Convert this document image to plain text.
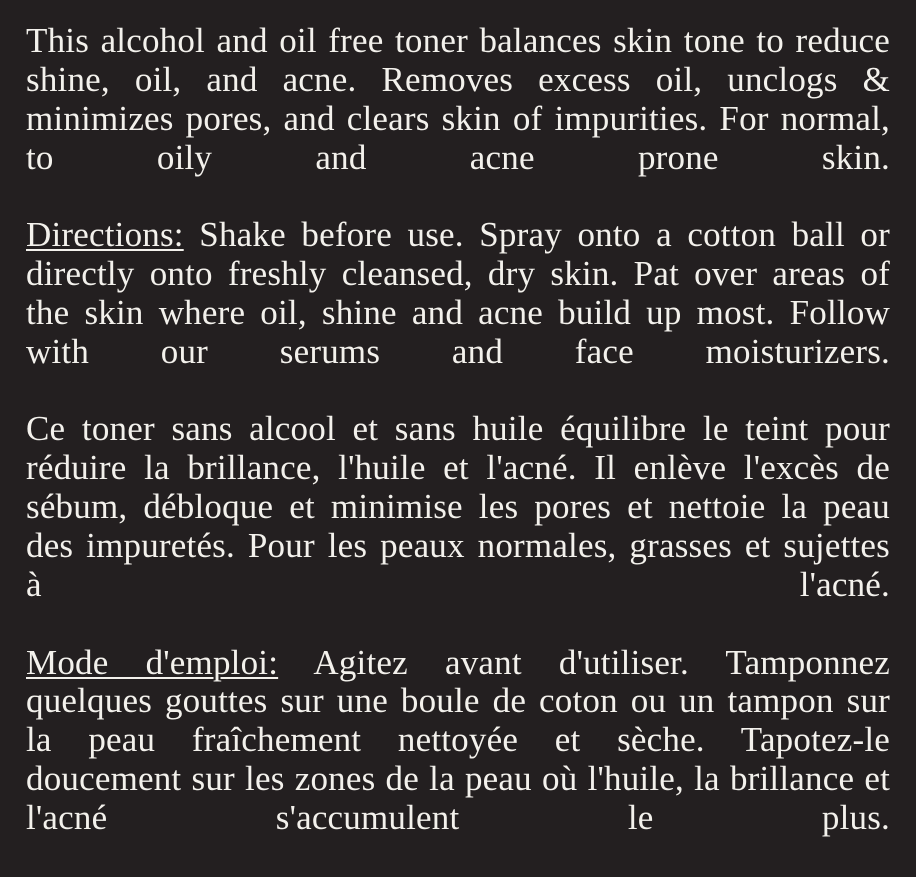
This alcohol and oil free toner balances skin tone to reduce shine, oil, and acne. Removes excess oil, unclogs & minimizes pores, and clears skin of impurities. For normal, to oily and acne prone skin.

Directions: Shake before use. Spray onto a cotton ball or directly onto freshly cleansed, dry skin. Pat over areas of the skin where oil, shine and acne build up most. Follow with our serums and face moisturizers.

Ce toner sans alcool et sans huile équilibre le teint pour réduire la brillance, l'huile et l'acné. Il enlève l'excès de sébum, débloque et minimise les pores et nettoie la peau des impuretés. Pour les peaux normales, grasses et sujettes à l'acné.

Mode d'emploi: Agitez avant d'utiliser. Tamponnez quelques gouttes sur une boule de coton ou un tampon sur la peau fraîchement nettoyée et sèche. Tapotez-le doucement sur les zones de la peau où l'huile, la brillance et l'acné s'accumulent le plus.
